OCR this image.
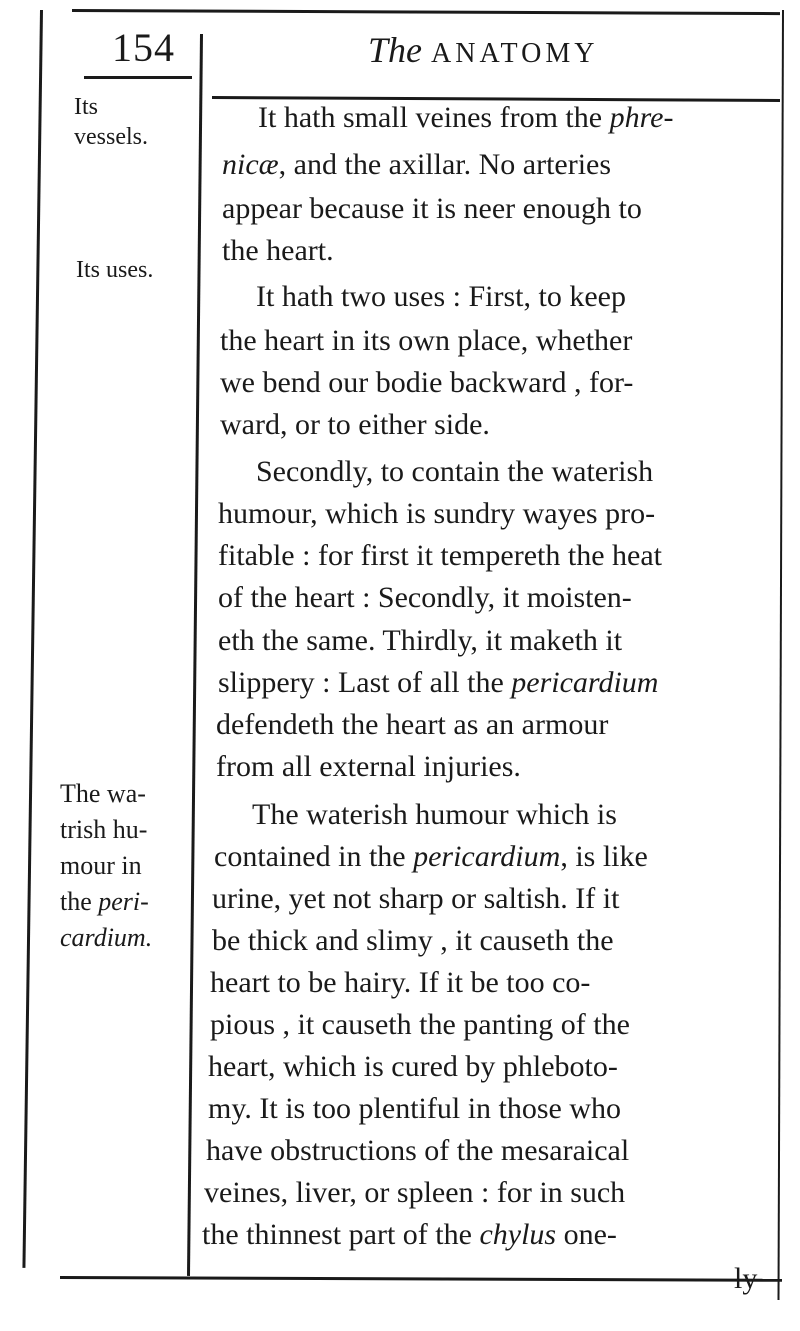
154	The ANATOMY
Its
vessels.
Its uses.
The wa-
trish hu-
mour in
the peri-
cardium.
It hath small veines from the phre-
nicæ, and the axillar. No arteries
appear because it is neer enough to
the heart.
It hath two uses : First, to keep
the heart in its own place, whether
we bend our bodie backward , for-
ward, or to either side.
Secondly, to contain the waterish
humour, which is sundry wayes pro-
fitable : for first it tempereth the heat
of the heart : Secondly, it moisten-
eth the same. Thirdly, it maketh it
slippery : Last of all the pericardium
defendeth the heart as an armour
from all external injuries.
The waterish humour which is
contained in the pericardium, is like
urine, yet not sharp or saltish. If it
be thick and slimy , it causeth the
heart to be hairy. If it be too co-
pious , it causeth the panting of the
heart, which is cured by phleboto-
my. It is too plentiful in those who
have obstructions of the mesaraical
veines, liver, or spleen : for in such
the thinnest part of the chylus one-
ly
